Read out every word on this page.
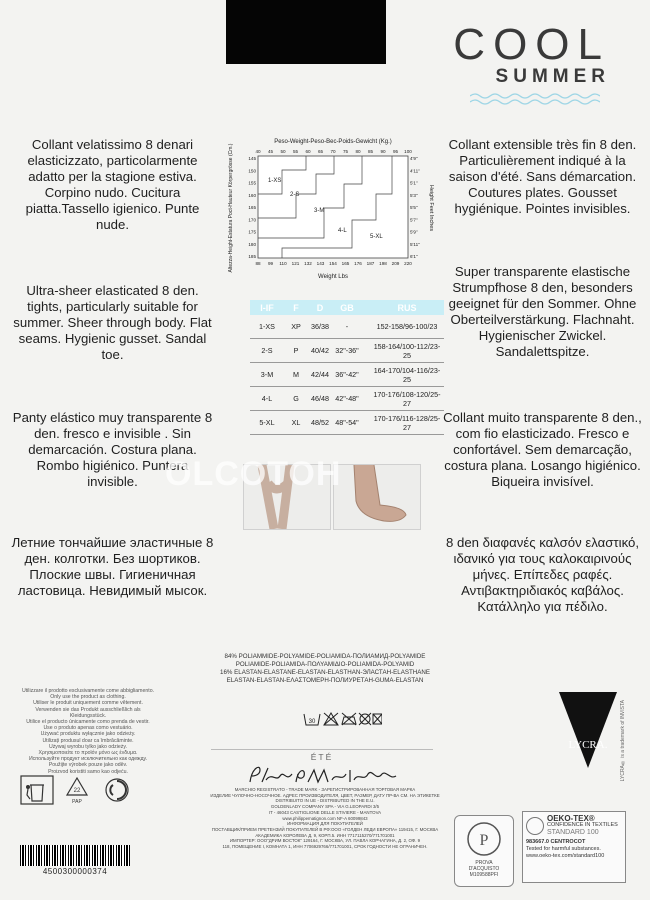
COOL
SUMMER
Collant velatissimo 8 denari elasticizzato, particolarmente adatto per la stagione estiva. Corpino nudo. Cucitura piatta.Tassello igienico. Punte nude.
Ultra-sheer elasticated 8 den. tights, particularly suitable for summer. Sheer through body. Flat seams. Hygienic gusset. Sandal toe.
Panty elástico muy transparente 8 den. fresco e invisible . Sin demarcación. Costura plana. Rombo higiénico. Puntera invisible.
Летние тончайшие эластичные 8 ден. колготки. Без шортиков. Плоские швы. Гигиеничная ластовица. Невидимый мысок.
Collant extensible très fin 8 den. Particulièrement indiqué à la saison d'été. Sans démarcation. Coutures plates. Gousset hygiénique. Pointes invisibles.
Super transparente elastische Strumpfhose 8 den, besonders geeignet für den Sommer. Ohne Oberteilverstärkung. Flachnaht. Hygienischer Zwickel. Sandalettspitze.
Collant muito transparente 8 den., com fio elasticizado. Fresco e confortável. Sem demarcação, costura plana. Losango higiénico. Biqueira invisível.
8 den διαφανές καλσόν ελαστικό, ιδανικό για τους καλοκαιρινούς μήνες. Επίπεδες ραφές. Αντιβακτηριδιακός καβάλος. Κατάλληλο για πέδιλο.
Peso-Weight-Peso-Bec-Poids-Gewicht (Kg.)
40 45 50 55 60 65 70 75 80 85 90 95 100
88 99 110 121 132 143 154 165 176 187 198 209 220
145
150
155
160
165
170
175
180
185
4'9"
4'11"
5'1"
5'3"
5'5"
5'7"
5'9"
5'11"
6'1"
Weight Lbs
Altezza-Height-Estatura Poct-Hauteur Körpergrösse (Cm.)	Height Feet Inches
1-XS
2-S
3-M
4-L
5-XL
I-IF	F	D	GB		RUS
1-XS	XP	36/38	-		152-158/96-100/23
2-S	P	40/42	32"-36"		158-164/100-112/23-25
3-M	M	42/44	36"-42"		164-170/104-116/23-25
4-L	G	46/48	42"-48"		170-176/108-120/25-27
5-XL	XL	48/52	48"-54"		170-176/116-128/25-27
OLCOTOH
84% POLIAMMIDE-POLYAMIDE-POLIAMIDA-ПОЛИАМИД-POLYAMIDE
POLIAMIDE-POLIAMIDA-ΠΟΛΥΑΜΙΔΙΟ-POLIAMIDA-POLYAMID
16% ELASTAN-ELASTANE-ELASTAN-ELASTHAN-ЭЛАСТАН-ELASTHANE
ELASTAN-ELASTAN-ΕΛΑΣΤΟΜΕΡΗ-ПОЛИУРЕТАН-GUMA-ELASTAN
Utilizzare il prodotto esclusivamente come abbigliamento.
Only use the product as clothing.
Utiliser le produit uniquement comme vêtement.
Verwenden sie das Produkt ausschließlich als Kleidungsstück.
Utilice el producto únicamente como prenda de vestir.
Use o produto apenas como vestuário.
Używać produktu wyłącznie jako odzieży.
Utilizați produsul doar ca îmbrăcăminte.
Używaj wyrobu tylko jako odzieży.
Χρησιμοποιείτε το προϊόν μόνο ως ένδυμα.
Используйте продукт исключительно как одежду.
Použijte výrobek pouze jako oděv.
Proizvod koristiti samo kao odjeću.
30
ÉTÉ
MARCHIO REGISTRATO - TRADE MARK - ЗАРЕГИСТРИРОВАННАЯ ТОРГОВАЯ МАРКА
ИЗДЕЛИЕ ЧУЛОЧНО-НОСОЧНОЕ. АДРЕС ПРОИЗВОДИТЕЛЯ, ЦВЕТ, РАЗМЕР, ДАТУ ПР-ВА СМ. НА ЭТИКЕТКЕ
DISTRIBUITO IN UE - DISTRIBUTED IN THE E.U.
GOLDENLADY COMPANY SPA - VIA G.LEOPARDI 3/5
IT - 46043 CASTIGLIONE DELLE STIVIERE - MANTOVA
www.philippematignon.com NF-A 60099843
ИНФОРМАЦИЯ ДЛЯ ПОКУПАТЕЛЕЙ
ПОСТАВЩИК/ПРИЕМ ПРЕТЕНЗИЙ ПОКУПАТЕЛЕЙ В РФ:ООО «ГОЛДЕН ЛЕДИ ЕВРОПА» 119415, Г. МОСКВА
АКАДЕМИКА КОРОЛЕВА Д. 9, КОРП.5. ИНН 7717115270/771701001
ИМПОРТЕР: ООО"ДРИМ ВОСТОК" 129164, Г. МОСКВА, УЛ. ПАВЛА КОРЧАГИНА, Д. 2, ОФ. 9
118, ПОМЕЩЕНИЕ I, КОМНАТА 1, ИНН 7706929766/771701001, СРОК ГОДНОСТИ НЕ ОГРАНИЧЕН.
LYCRA.	LYCRA® is a trademark of INVISTA
P
PROVA
D'ACQUISTO
M109588PFI
OEKO-TEX®
CONFIDENCE IN TEXTILES
STANDARD 100
983667.0 CENTROCOT
Tested for harmful substances.
www.oeko-tex.com/standard100
22
PAP
4500300000374
